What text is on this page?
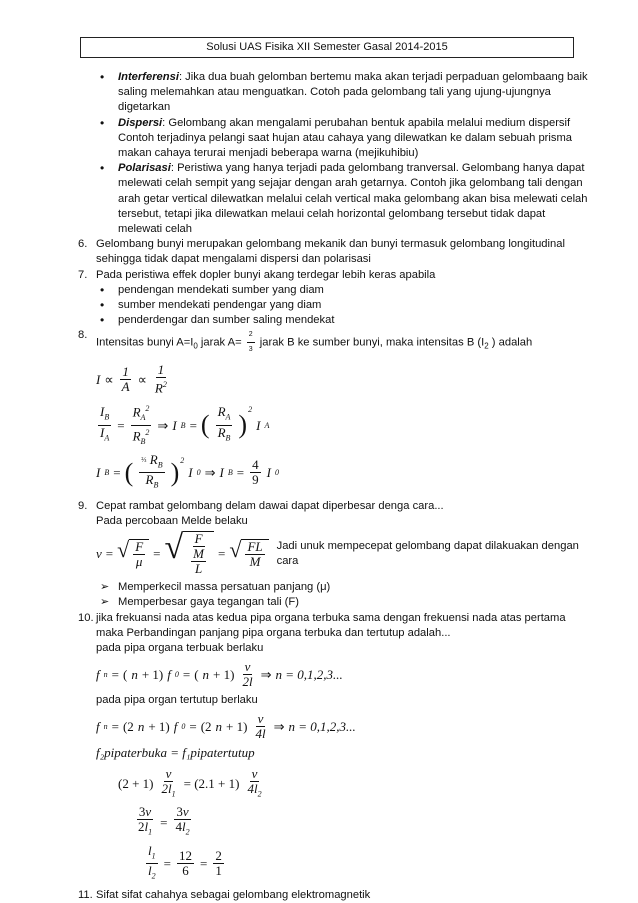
Solusi UAS Fisika XII Semester Gasal 2014-2015

• Interferensi: Jika dua buah gelomban bertemu maka akan terjadi perpaduan gelombaang baik saling melemahkan atau menguatkan. Cotoh pada gelombang tali yang ujung-ujungnya digetarkan

• Dispersi: Gelombang akan mengalami perubahan bentuk apabila melalui medium dispersif Contoh terjadinya pelangi saat hujan atau cahaya yang dilewatkan ke dalam sebuah prisma makan cahaya terurai menjadi beberapa warna (mejikuhibiu)

• Polarisasi: Peristiwa yang hanya terjadi pada gelombang tranversal. Gelombang hanya dapat melewati celah sempit yang sejajar dengan arah getarnya. Contoh jika gelombang tali dengan arah getar vertical dilewatkan melalui celah vertical maka gelombang akan bisa melewati celah tersebut, tetapi jika dilewatkan melaui celah horizontal gelombang tersebut tidak dapat melewati celah

6. Gelombang bunyi merupakan gelombang mekanik dan bunyi termasuk gelombang longitudinal sehingga tidak dapat mengalami dispersi dan polarisasi

7. Pada peristiwa effek dopler bunyi akang terdegar lebih keras apabila

• pendengan mendekati sumber yang diam

• sumber mendekati pendengar yang diam

• penderdengar dan sumber saling mendekat

8.
Intensitas bunyi $A=I_0$ jarak $A= \frac{2}{3}$ jarak B ke sumber bunyi, maka intensitas B ($I_2$ ) adalah

I ∝
1
A ∝
1
$R^2$
$\frac{I_B}{I_A} = \frac{R_A^2}{R_B^2}$ ⇒ I B = ( $R_A$
$R_B$ )
$^2$
I A
I B = ( ⅔ $R_B$
$R_B$ )$^2$
I $_0$ ⇒ I $B = \frac{4}{9}$ I 0

9. Cepat rambat gelombang delam dawai dapat diperbesar denga cara...

Pada percobaan Melde belaku

v = √ $\frac{F}{\mu}$ = √ $\frac{F}{\frac{M}{L}}$ = √ $\frac{FL}{M}$ Jadi unuk mempecepat gelombang dapat dilakuakan dengan cara

➢ Memperkecil massa persatuan panjang (μ)

➢ Memperbesar gaya tegangan tali (F)

10. jika frekuansi nada atas kedua pipa organa terbuka sama dengan frekuensi nada atas pertama maka Perbandingan panjang pipa organa terbuka dan tertutup adalah...

pada pipa organa terbuak berlaku

f n = ( n + 1) f 0 = ( n + 1)
v
2l ⇒ n = 0,1,2,3...

pada pipa organ tertutup berlaku

f n = (2 n + 1) f 0 = (2 n + 1)
v
4l ⇒ n = 0,1,2,3...
f₂pipaterbuka = f₁pipatertutup
$(2 + 1) \frac{v}{2l_1} = (2.1 + 1)$
v
$4l_2$
$\frac{3v}{2l_1} = \frac{3v}{4l_2}$
$\frac{l_1}{l_2} = \frac{12}{6} = \frac{2}{1}$

11. Sifat sifat cahahya sebagai gelombang elektromagnetik
